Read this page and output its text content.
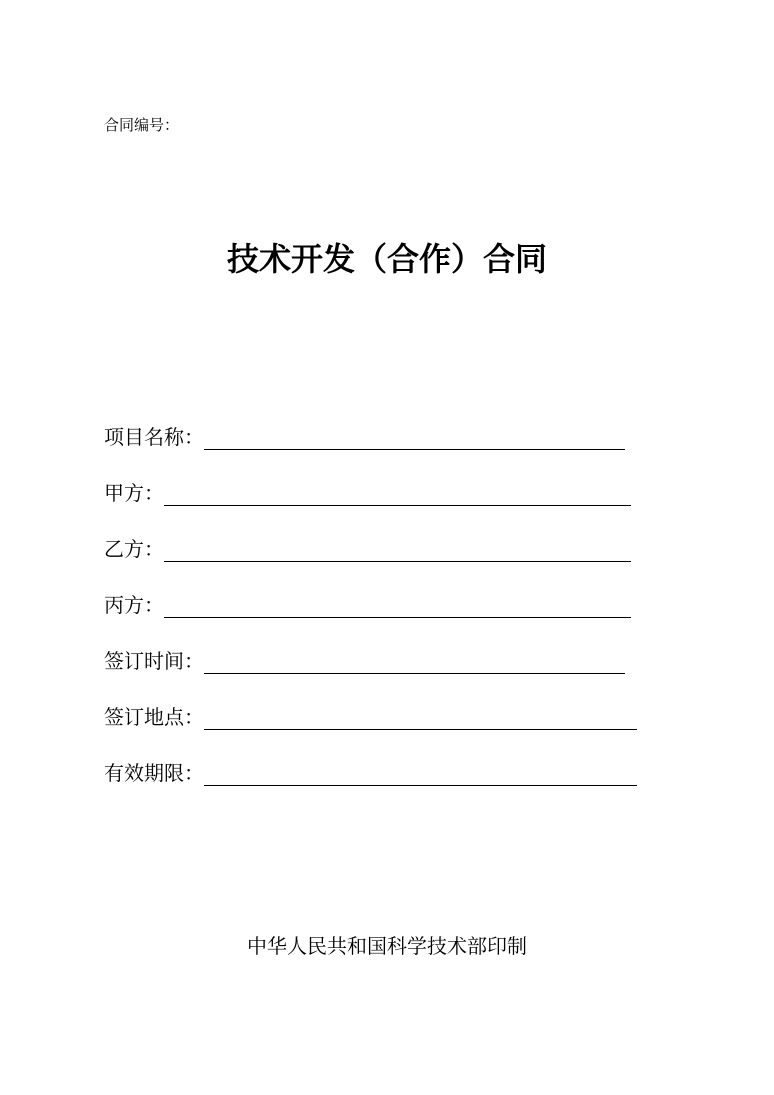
合同编号：
技术开发（合作）合同
项目名称：
甲方：
乙方：
丙方：
签订时间：
签订地点：
有效期限：
中华人民共和国科学技术部印制
